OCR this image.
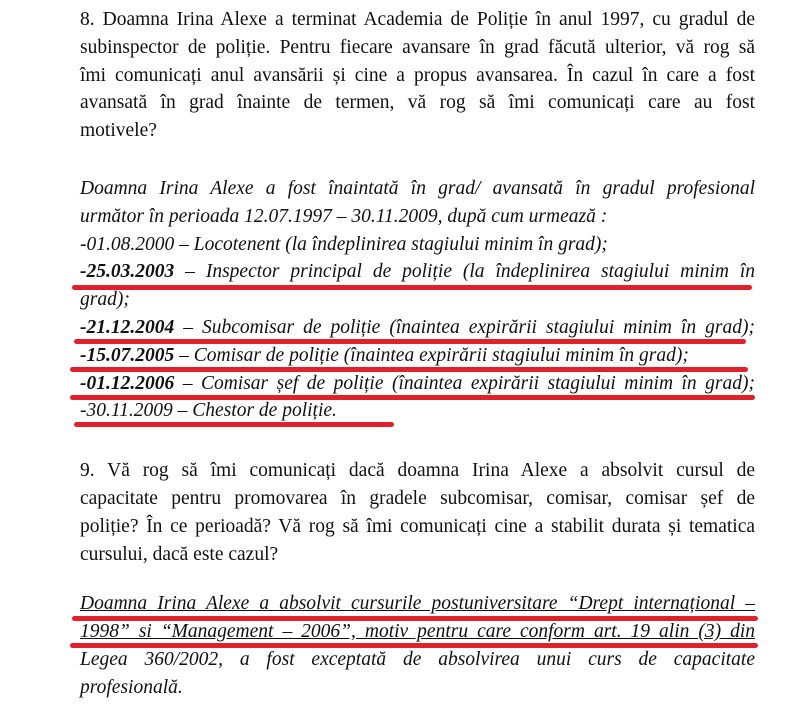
8. Doamna Irina Alexe a terminat Academia de Poliție în anul 1997, cu gradul de
subinspector de poliție. Pentru fiecare avansare în grad făcută ulterior, vă rog să
îmi comunicați anul avansării și cine a propus avansarea. În cazul în care a fost
avansată în grad înainte de termen, vă rog să îmi comunicați care au fost
motivele?
Doamna Irina Alexe a fost înaintată în grad/ avansată în gradul profesional
următor în perioada 12.07.1997 – 30.11.2009, după cum urmează :
-01.08.2000 – Locotenent (la îndeplinirea stagiului minim în grad);
-25.03.2003 – Inspector principal de poliție (la îndeplinirea stagiului minim în
grad);
-21.12.2004 – Subcomisar de poliție (înaintea expirării stagiului minim în grad);
-15.07.2005 – Comisar de poliție (înaintea expirării stagiului minim în grad);
-01.12.2006 – Comisar șef de poliție (înaintea expirării stagiului minim în grad);
-30.11.2009 – Chestor de poliție.
9. Vă rog să îmi comunicați dacă doamna Irina Alexe a absolvit cursul de
capacitate pentru promovarea în gradele subcomisar, comisar, comisar șef de
poliție? În ce perioadă? Vă rog să îmi comunicați cine a stabilit durata și tematica
cursului, dacă este cazul?
Doamna Irina Alexe a absolvit cursurile postuniversitare “Drept internațional –
1998” si “Management – 2006”, motiv pentru care conform art. 19 alin (3) din
Legea 360/2002, a fost exceptată de absolvirea unui curs de capacitate
profesională.
